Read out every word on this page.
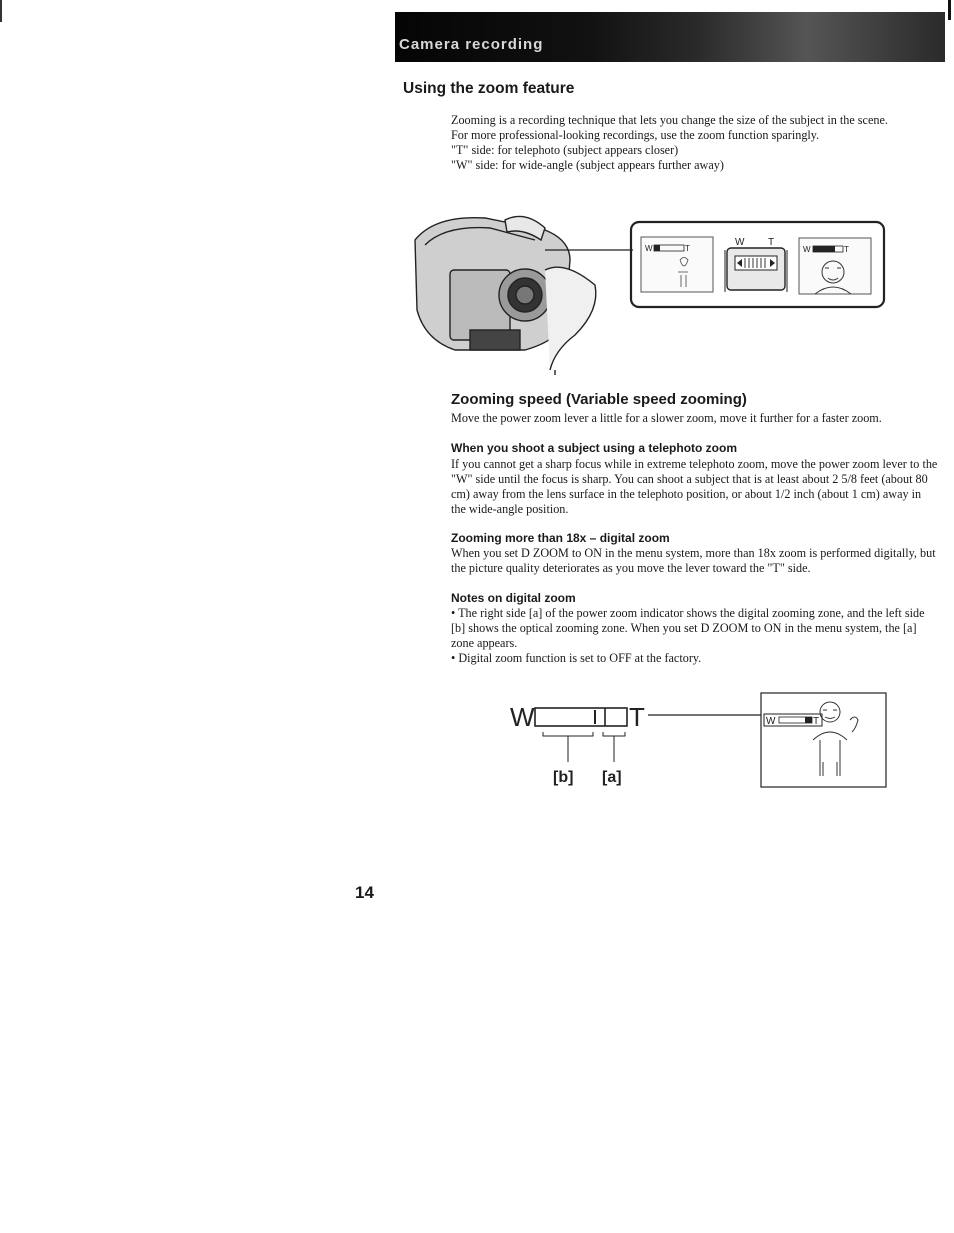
Camera recording
Using the zoom feature

Zooming is a recording technique that lets you change the size of the subject in the scene.

For more professional-looking recordings, use the zoom function sparingly.

"T" side: for telephoto (subject appears closer)

"W" side: for wide-angle (subject appears further away)

W	T
W T
W	T
Zooming speed (Variable speed zooming)

Move the power zoom lever a little for a slower zoom, move it further for a faster zoom.

When you shoot a subject using a telephoto zoom

If you cannot get a sharp focus while in extreme telephoto zoom, move the power zoom lever to the "W" side until the focus is sharp. You can shoot a subject that is at least about 2 5/8 feet (about 80 cm) away from the lens surface in the telephoto position, or about 1/2 inch (about 1 cm) away in the wide-angle position.

Zooming more than 18x – digital zoom

When you set D ZOOM to ON in the menu system, more than 18x zoom is performed digitally, but the picture quality deteriorates as you move the lever toward the "T" side.

Notes on digital zoom

• The right side [a] of the power zoom indicator shows the digital zooming zone, and the left side [b] shows the optical zooming zone. When you set D ZOOM to ON in the menu system, the [a] zone appears.

• Digital zoom function is set to OFF at the factory.

W	T
[b] [a]
W	T
14
